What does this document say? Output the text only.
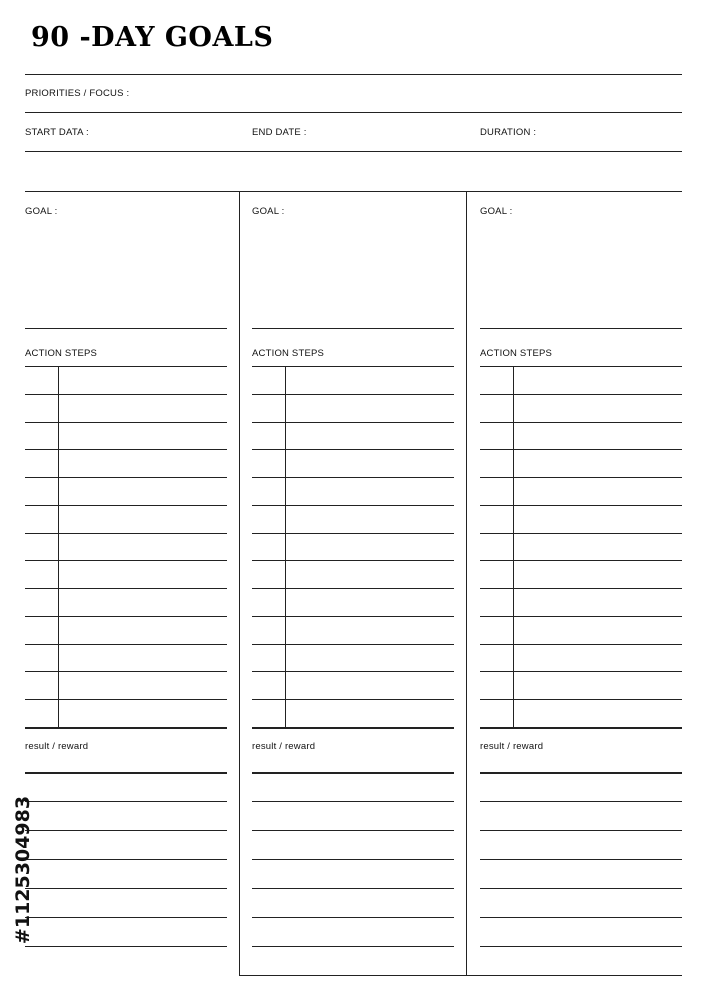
90 -DAY GOALS
PRIORITIES / FOCUS :
START DATA :	END DATE :	DURATION :
GOAL :
ACTION STEPS
result / reward
GOAL :
ACTION STEPS
result / reward
GOAL :
ACTION STEPS
result / reward
#1125304983
